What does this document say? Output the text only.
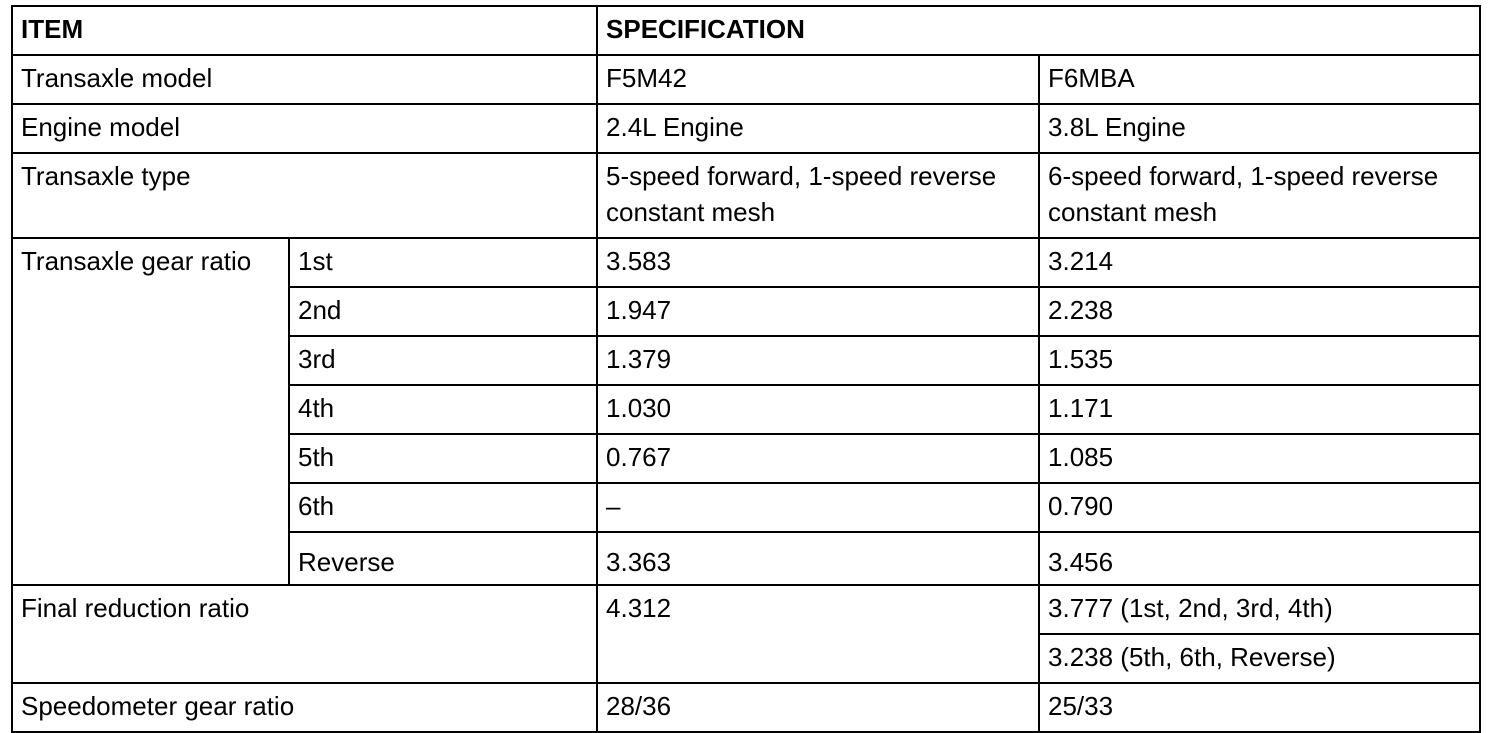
ITEM		SPECIFICATION	
Transaxle model		F5M42	F6MBA
Engine model		2.4L Engine	3.8L Engine
Transaxle type		5-speed forward, 1-speed reverse constant mesh	6-speed forward, 1-speed reverse constant mesh
Transaxle gear ratio	1st	3.583	3.214
	2nd	1.947	2.238
	3rd	1.379	1.535
	4th	1.030	1.171
	5th	0.767	1.085
	6th	–	0.790
	Reverse	3.363	3.456
Final reduction ratio		4.312	3.777 (1st, 2nd, 3rd, 4th)
			3.238 (5th, 6th, Reverse)
Speedometer gear ratio		28/36	25/33
